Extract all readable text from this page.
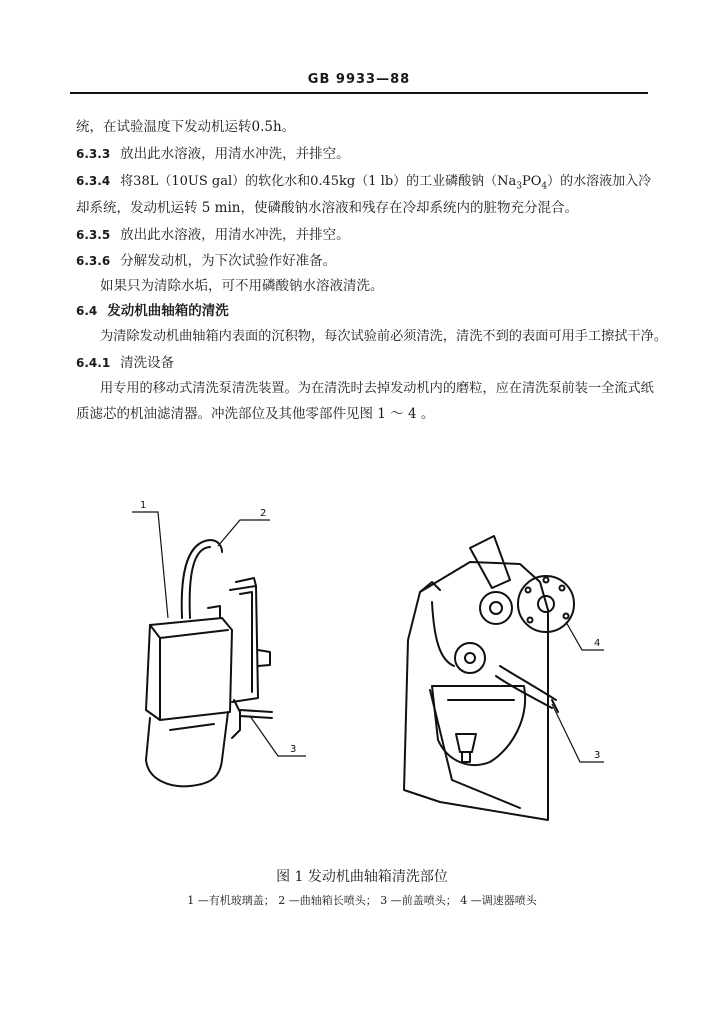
GB 9933—88
统，在试验温度下发动机运转0.5h。
6.3.3 放出此水溶液，用清水冲洗，并排空。
6.3.4 将38L（10US gal）的软化水和0.45kg（1 lb）的工业磷酸钠$(Na_3PO_4)$的水溶液加入冷
却系统，发动机运转 5 min，使磷酸钠水溶液和残存在冷却系统内的脏物充分混合。
6.3.5 放出此水溶液，用清水冲洗，并排空。
6.3.6 分解发动机，为下次试验作好准备。
如果只为清除水垢，可不用磷酸钠水溶液清洗。
6.4 发动机曲轴箱的清洗
为清除发动机曲轴箱内表面的沉积物，每次试验前必须清洗，清洗不到的表面可用手工擦拭干净。
6.4.1 清洗设备
用专用的移动式清洗泵清洗装置。为在清洗时去掉发动机内的磨粒，应在清洗泵前装一全流式纸
质滤芯的机油滤清器。冲洗部位及其他零部件见图 1 ～ 4 。
1
2
3
4
3
图 1 发动机曲轴箱清洗部位
1 —有机玻璃盖； 2 —曲轴箱长喷头； 3 —前盖喷头； 4 —调速器喷头
